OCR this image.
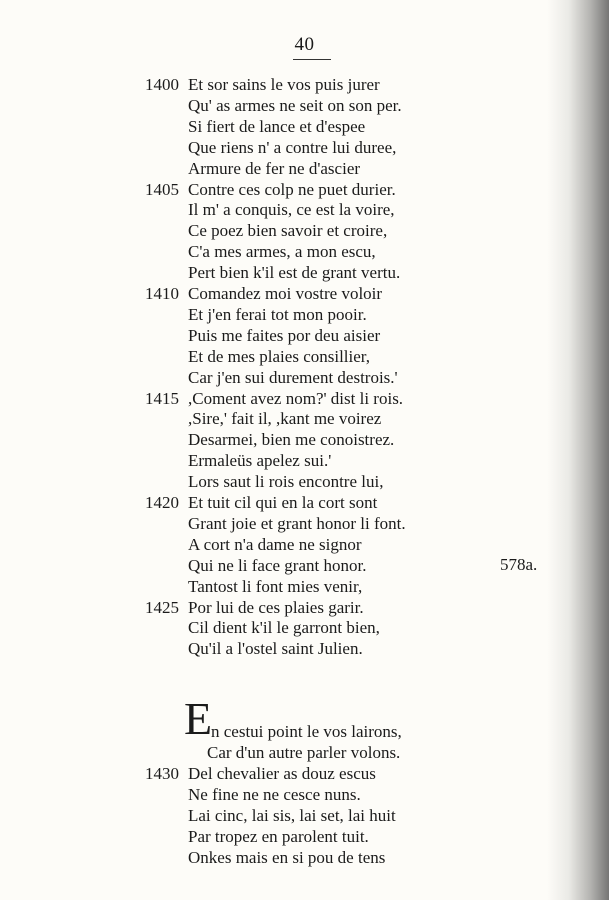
40
578a.
E
1400 Et sor sains le vos puis jurer
Qu' as armes ne seit on son per.
Si fiert de lance et d'espee
Que riens n' a contre lui duree,
Armure de fer ne d'ascier
1405 Contre ces colp ne puet durier.
Il m' a conquis, ce est la voire,
Ce poez bien savoir et croire,
C'a mes armes, a mon escu,
Pert bien k'il est de grant vertu.
1410 Comandez moi vostre voloir
Et j'en ferai tot mon pooir.
Puis me faites por deu aisier
Et de mes plaies consillier,
Car j'en sui durement destrois.'
1415 ,Coment avez nom?' dist li rois.
,Sire,' fait il, ,kant me voirez
Desarmei, bien me conoistrez.
Ermaleüs apelez sui.'
Lors saut li rois encontre lui,
1420 Et tuit cil qui en la cort sont
Grant joie et grant honor li font.
A cort n'a dame ne signor
Qui ne li face grant honor.
Tantost li font mies venir,
1425 Por lui de ces plaies garir.
Cil dient k'il le garront bien,
Qu'il a l'ostel saint Julien.
n cestui point le vos lairons,
Car d'un autre parler volons.
1430 Del chevalier as douz escus
Ne fine ne ne cesce nuns.
Lai cinc, lai sis, lai set, lai huit
Par tropez en parolent tuit.
Onkes mais en si pou de tens
